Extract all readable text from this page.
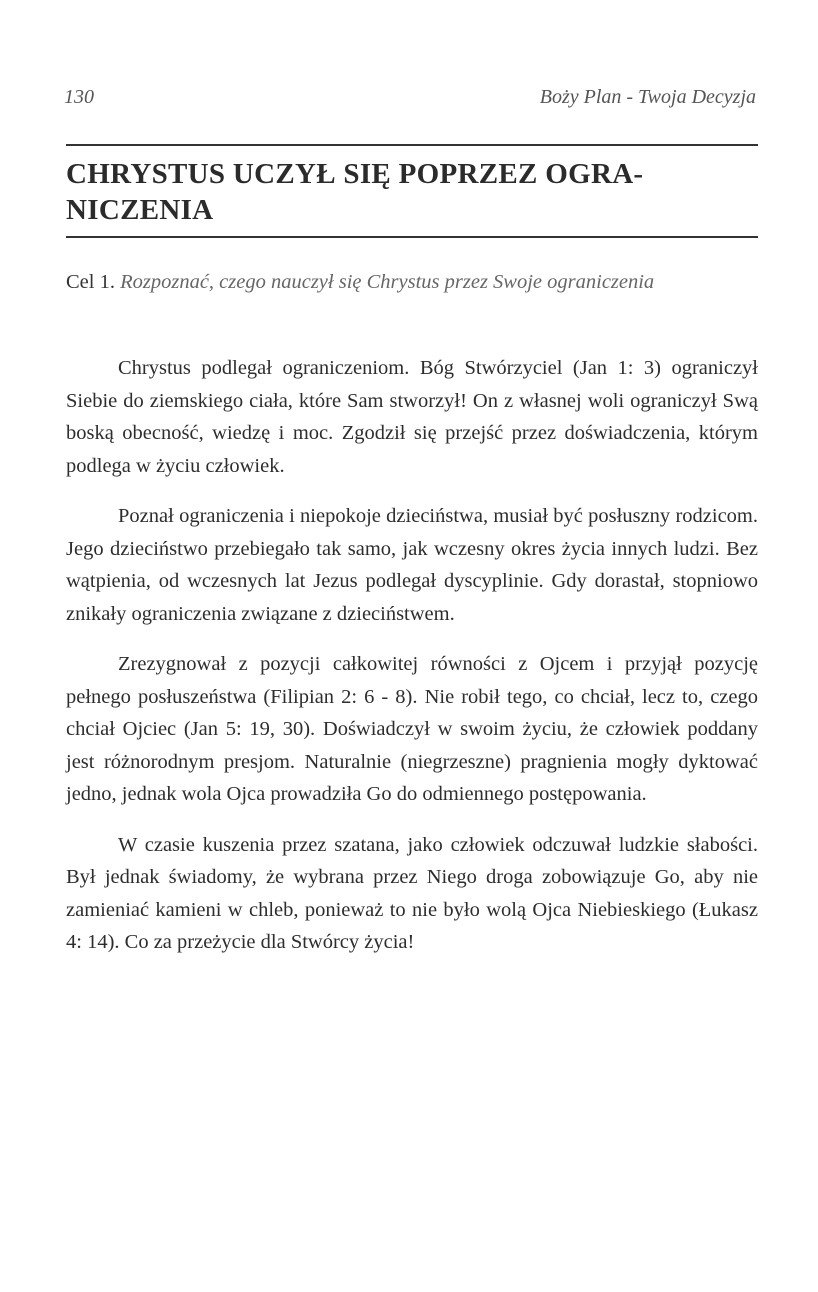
130	Boży Plan - Twoja Decyzja
CHRYSTUS UCZYŁ SIĘ POPRZEZ OGRA-NICZENIA

Cel 1. Rozpoznać, czego nauczył się Chrystus przez Swoje ograniczenia

Chrystus podlegał ograniczeniom. Bóg Stwórzyciel (Jan 1: 3) ograniczył Siebie do ziemskiego ciała, które Sam stworzył! On z własnej woli ograniczył Swą boską obecność, wiedzę i moc. Zgodził się przejść przez doświadczenia, którym podlega w życiu człowiek.

Poznał ograniczenia i niepokoje dzieciństwa, musiał być posłuszny rodzicom. Jego dzieciństwo przebiegało tak samo, jak wczesny okres życia innych ludzi. Bez wątpienia, od wczesnych lat Jezus podlegał dyscyplinie. Gdy dorastał, stopniowo znikały ograniczenia związane z dzieciństwem.

Zrezygnował z pozycji całkowitej równości z Ojcem i przyjął pozycję pełnego posłuszeństwa (Filipian 2: 6 - 8). Nie robił tego, co chciał, lecz to, czego chciał Ojciec (Jan 5: 19, 30). Doświadczył w swoim życiu, że człowiek poddany jest różnorodnym presjom. Naturalnie (niegrzeszne) pragnienia mogły dyktować jedno, jednak wola Ojca prowadziła Go do odmiennego postępowania.

W czasie kuszenia przez szatana, jako człowiek odczuwał ludzkie słabości. Był jednak świadomy, że wybrana przez Niego droga zobowiązuje Go, aby nie zamieniać kamieni w chleb, ponieważ to nie było wolą Ojca Niebieskiego (Łukasz 4: 14). Co za przeżycie dla Stwórcy życia!
